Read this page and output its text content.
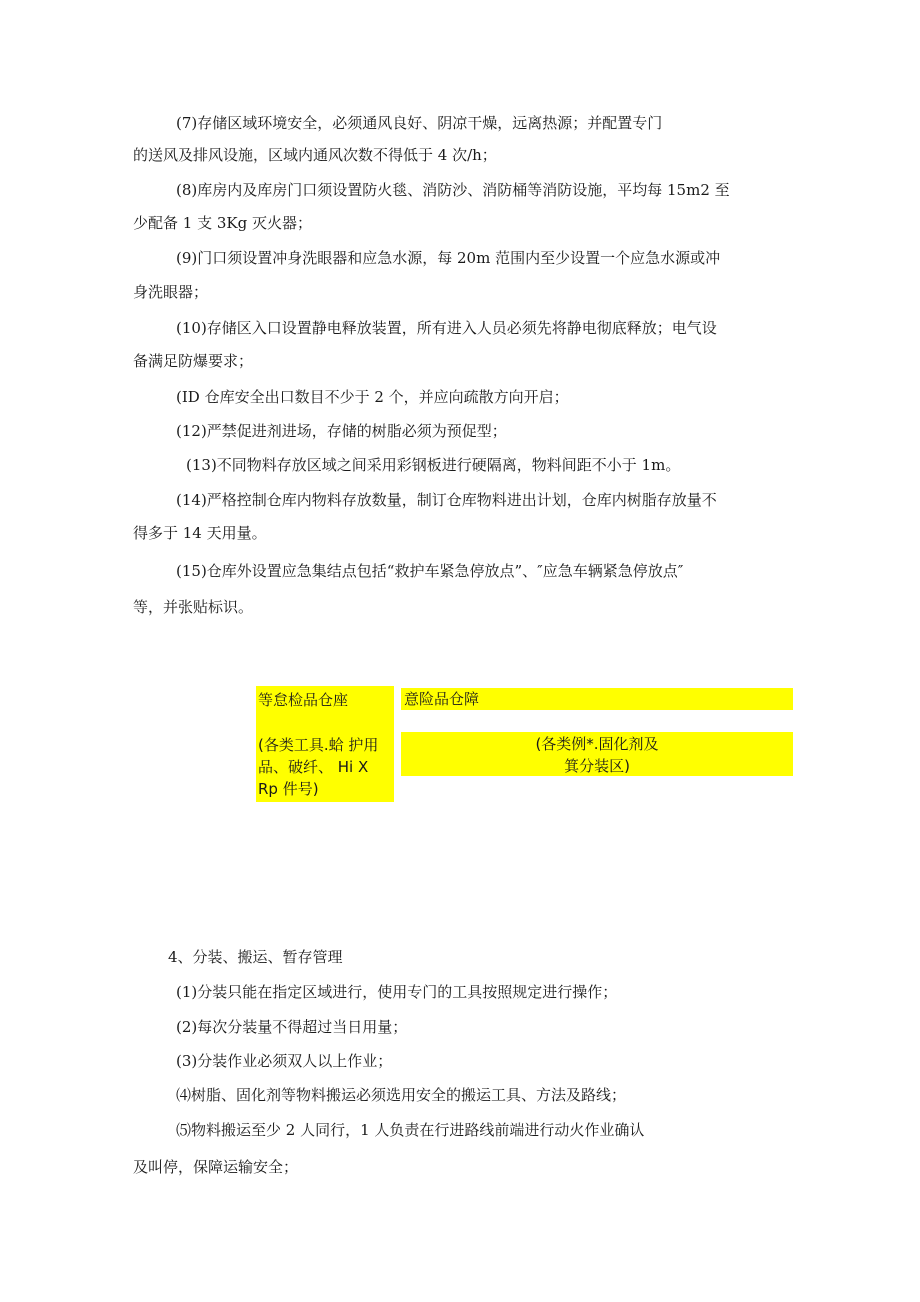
(7)存储区域环境安全，必须通风良好、阴凉干燥，远离热源；并配置专门
的送风及排风设施，区域内通风次数不得低于 4 次/h；
(8)库房内及库房门口须设置防火毯、消防沙、消防桶等消防设施，平均每 15m2 至
少配备 1 支 3Kg 灭火器；
(9)门口须设置冲身洗眼器和应急水源，每 20m 范围内至少设置一个应急水源或冲
身洗眼器；
(10)存储区入口设置静电释放装置，所有进入人员必须先将静电彻底释放；电气设
备满足防爆要求；
(ID 仓库安全出口数目不少于 2 个，并应向疏散方向开启；
(12)严禁促进剂进场，存储的树脂必须为预促型；
(13)不同物料存放区域之间采用彩钢板进行硬隔离，物料间距不小于 1m。
(14)严格控制仓库内物料存放数量，制订仓库物料进出计划，仓库内树脂存放量不
得多于 14 天用量。
(15)仓库外设置应急集结点包括“救护车紧急停放点”、″应急车辆紧急停放点″
等，并张贴标识。
等怠检品仓座
(各类工具.蛤 护用
品、破纤、 Hi X
Rp 件号)
意险品仓障
(各类例*.固化剂及
箕分装区)
4、分装、搬运、暂存管理
(1)分装只能在指定区域进行，使用专门的工具按照规定进行操作；
(2)每次分装量不得超过当日用量；
(3)分装作业必须双人以上作业；
⑷树脂、固化剂等物料搬运必须选用安全的搬运工具、方法及路线；
⑸物料搬运至少 2 人同行，1 人负责在行进路线前端进行动火作业确认
及叫停，保障运输安全；
